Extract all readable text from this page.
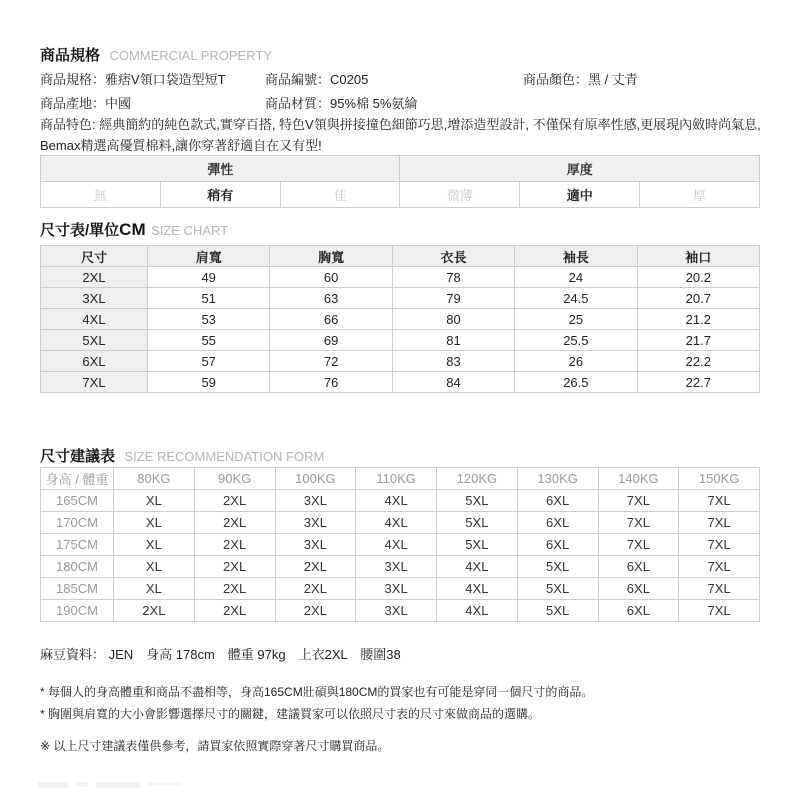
商品規格 COMMERCIAL PROPERTY
商品規格：雅痞V領口袋造型短T	商品編號：C0205	商品顏色：黑 / 丈青
商品產地：中國	商品材質：95%棉 5%氨綸
商品特色: 經典簡約的純色款式,實穿百搭, 特色V領與拼接撞色細節巧思,增添造型設計, 不僅保有原率性感,更展現內斂時尚氣息,
Bemax精選高優質棉料,讓你穿著舒適自在又有型!
彈性			厚度		
無	稍有	佳	微薄	適中	厚
尺寸表/單位CM SIZE CHART
尺寸	肩寬	胸寬	衣長	袖長	袖口
2XL	49	60	78	24	20.2
3XL	51	63	79	24.5	20.7
4XL	53	66	80	25	21.2
5XL	55	69	81	25.5	21.7
6XL	57	72	83	26	22.2
7XL	59	76	84	26.5	22.7
尺寸建議表 SIZE RECOMMENDATION FORM
身高 / 體重	80KG	90KG	100KG	110KG	120KG	130KG	140KG	150KG
165CM	XL	2XL	3XL	4XL	5XL	6XL	7XL	7XL
170CM	XL	2XL	3XL	4XL	5XL	6XL	7XL	7XL
175CM	XL	2XL	3XL	4XL	5XL	6XL	7XL	7XL
180CM	XL	2XL	2XL	3XL	4XL	5XL	6XL	7XL
185CM	XL	2XL	2XL	3XL	4XL	5XL	6XL	7XL
190CM	2XL	2XL	2XL	3XL	4XL	5XL	6XL	7XL
麻豆資料： JEN　身高 178cm　體重 97kg　上衣2XL　腰圍38
* 每個人的身高體重和商品不盡相等，身高165CM壯碩與180CM的買家也有可能是穿同一個尺寸的商品。
* 胸圍與肩寬的大小會影響選擇尺寸的關鍵，建議買家可以依照尺寸表的尺寸來做商品的選購。
※ 以上尺寸建議表僅供參考，請買家依照實際穿著尺寸購買商品。
